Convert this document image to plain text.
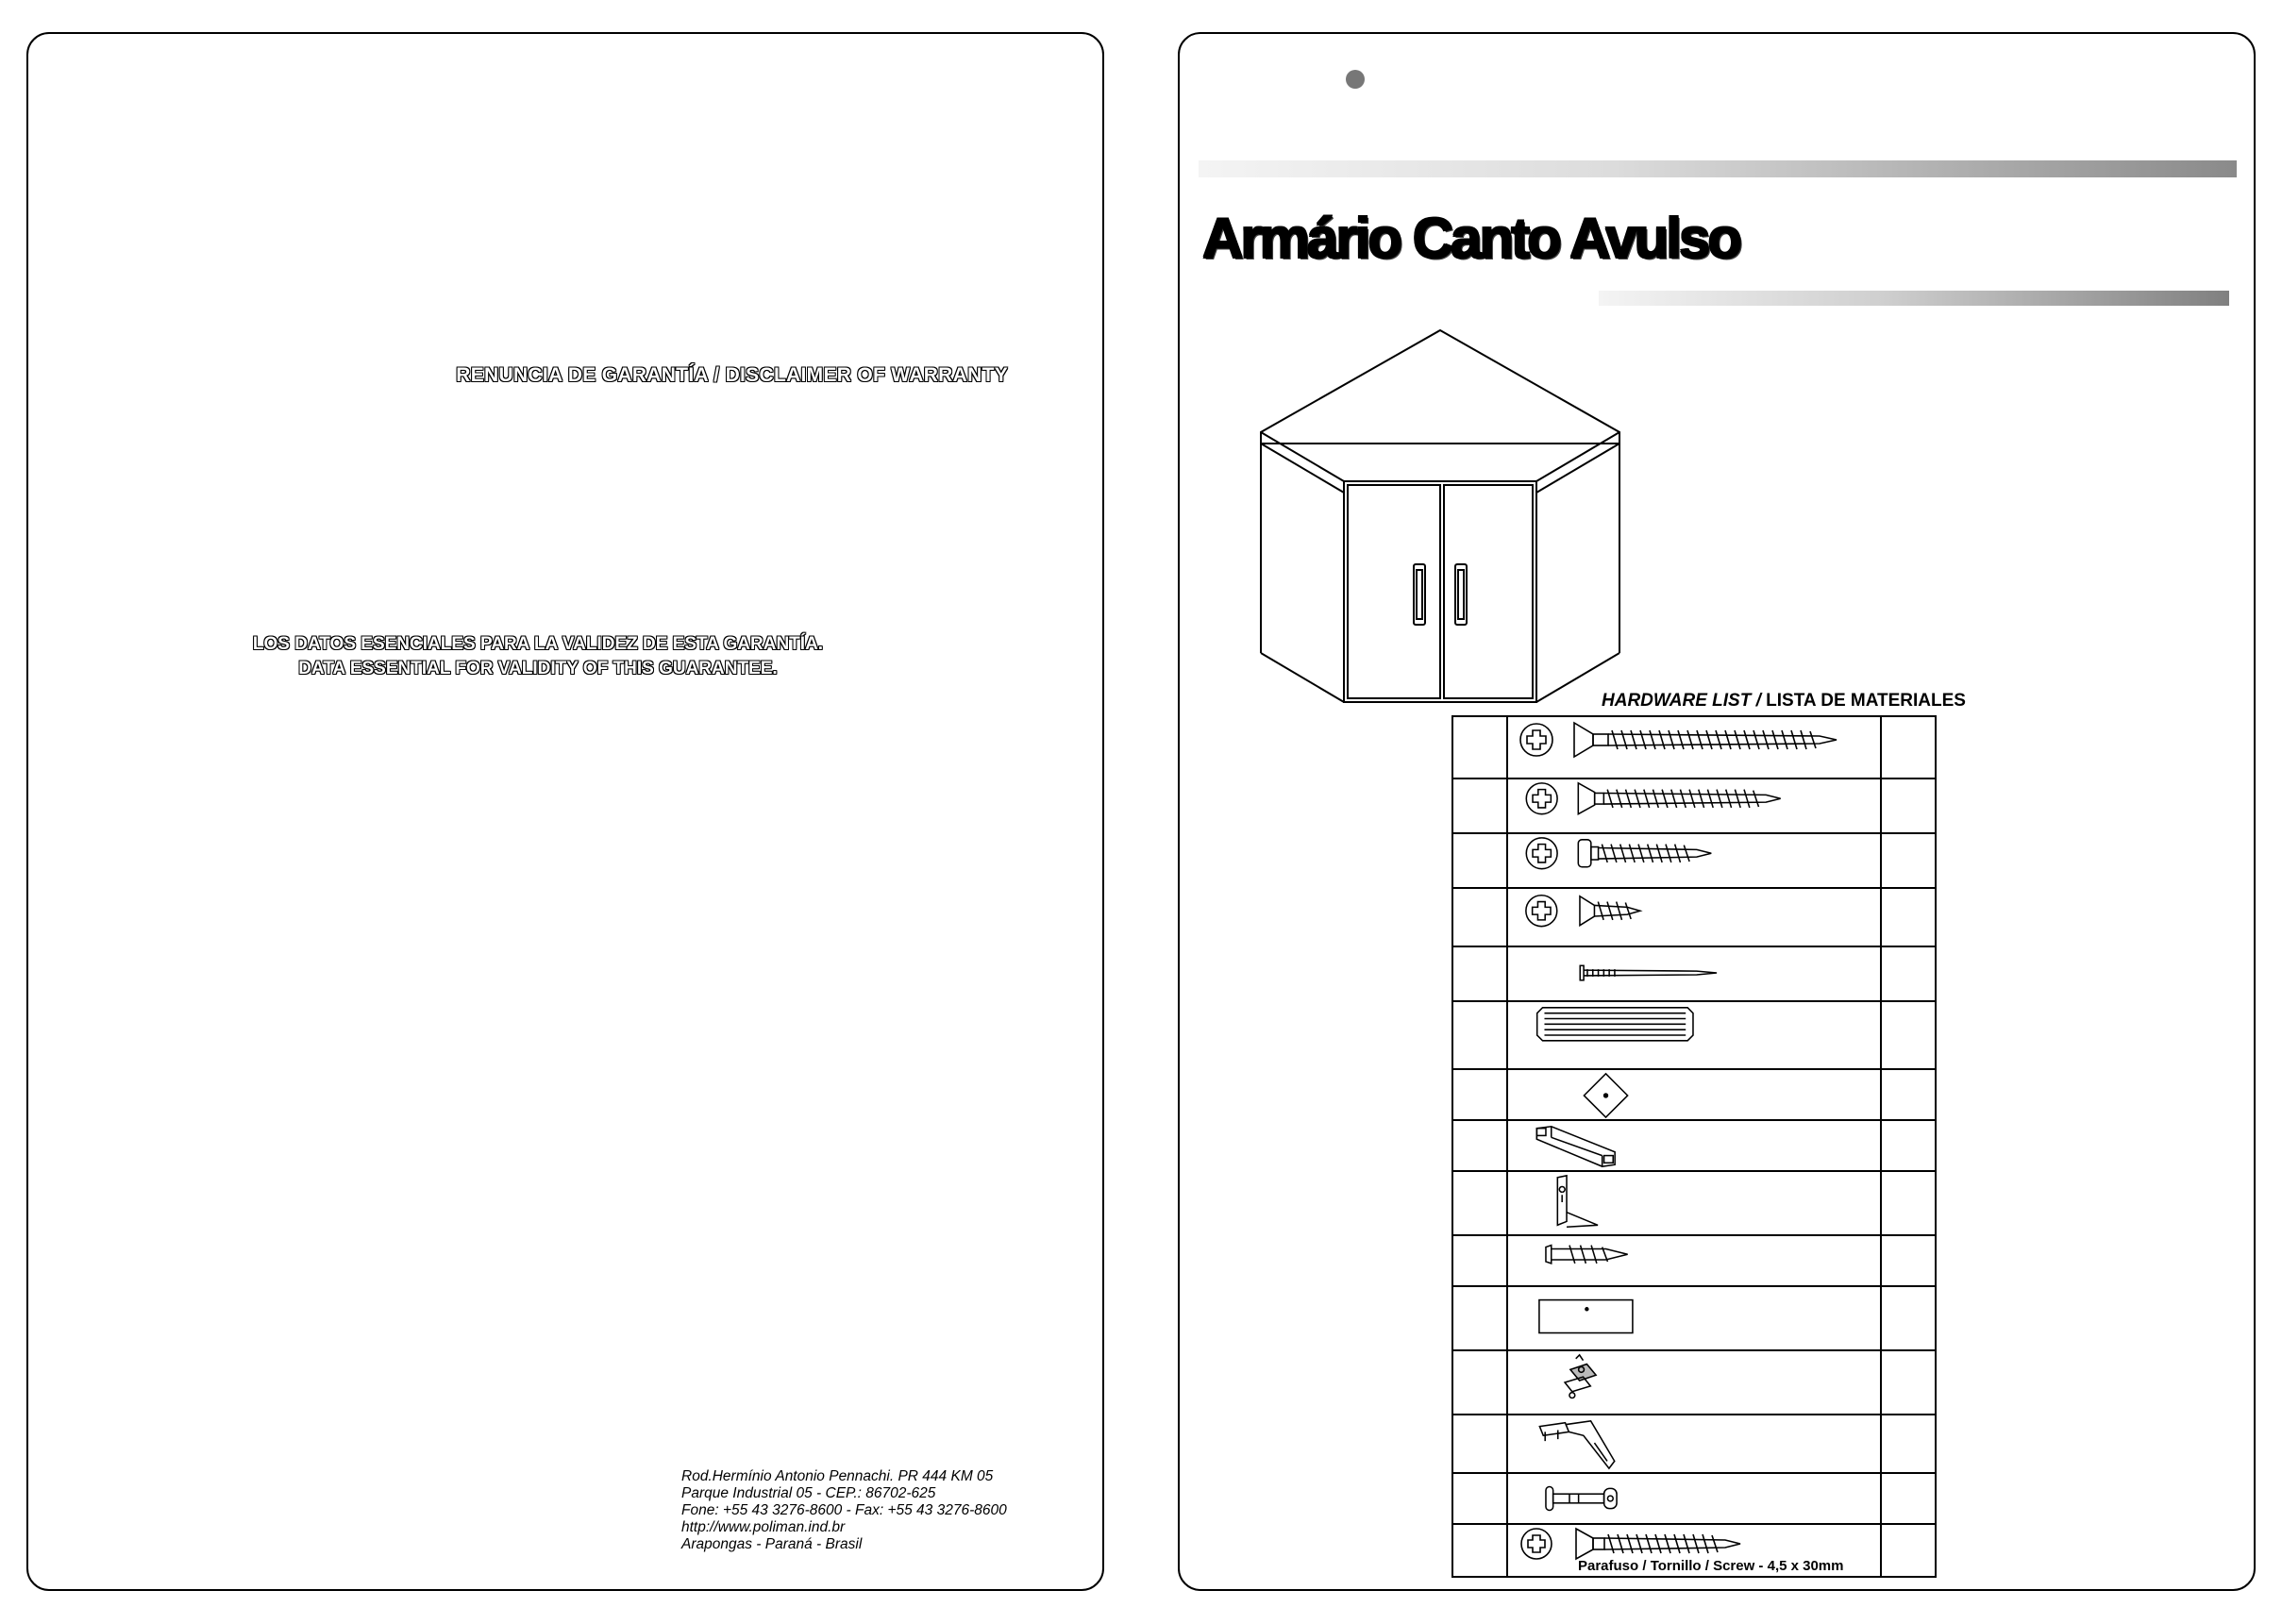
RENUNCIA DE GARANTÍA / DISCLAIMER OF WARRANTY
LOS DATOS ESENCIALES PARA LA VALIDEZ DE ESTA GARANTÍA.
DATA ESSENTIAL FOR VALIDITY OF THIS GUARANTEE.
Rod.Hermínio Antonio Pennachi. PR 444 KM 05
Parque Industrial 05 - CEP.: 86702-625
Fone: +55 43 3276-8600 - Fax: +55 43 3276-8600
http://www.poliman.ind.br
Arapongas - Paraná - Brasil
Armário Canto Avulso
HARDWARE LIST / LISTA DE MATERIALES
Parafuso / Tornillo / Screw - 4,5 x 30mm
